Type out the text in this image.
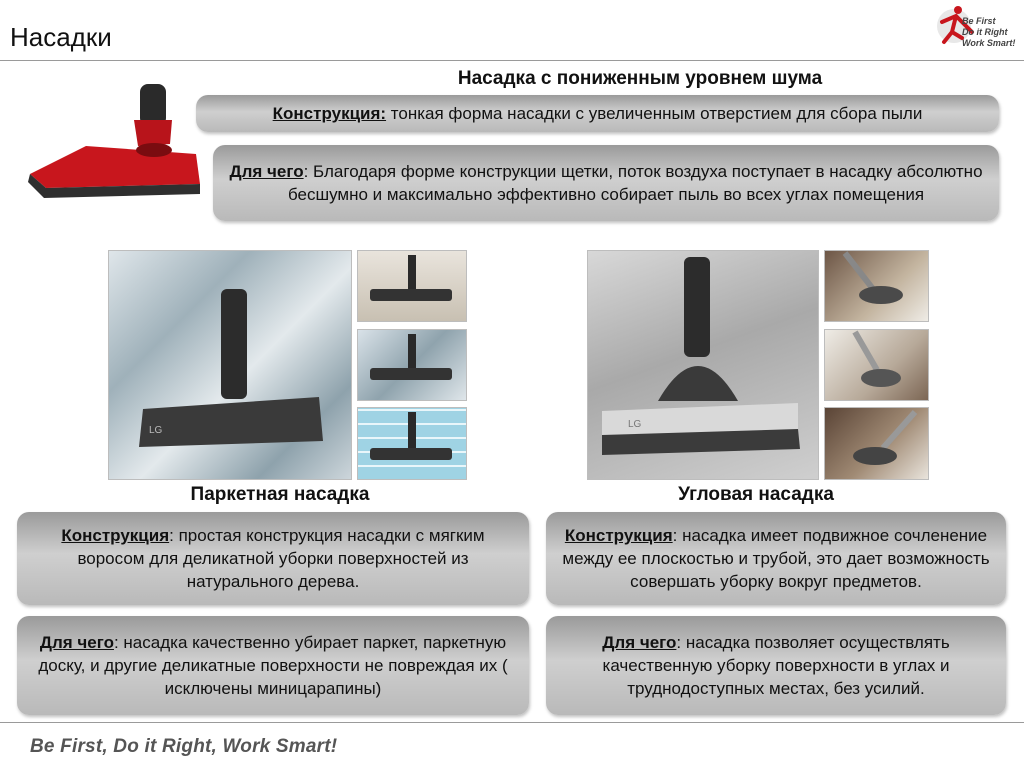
Насадки
Be First
Do it Right
Work Smart!
Насадка с пониженным уровнем шума
Конструкция: тонкая форма насадки с увеличенным отверстием для сбора пыли
Для чего: Благодаря форме конструкции щетки, поток воздуха поступает в насадку абсолютно бесшумно и максимально эффективно собирает пыль во всех углах помещения
LG
LG
Паркетная насадка
Конструкция: простая конструкция насадки с мягким воросом для деликатной уборки поверхностей из натурального дерева.
Для чего: насадка качественно убирает паркет, паркетную доску, и другие деликатные поверхности не повреждая их ( исключены миницарапины)
Угловая насадка
Конструкция: насадка имеет подвижное сочленение между ее плоскостью и трубой, это дает возможность совершать уборку вокруг предметов.
Для чего: насадка позволяет осуществлять качественную уборку поверхности в углах и труднодоступных местах, без усилий.
Be First, Do it Right, Work Smart!
